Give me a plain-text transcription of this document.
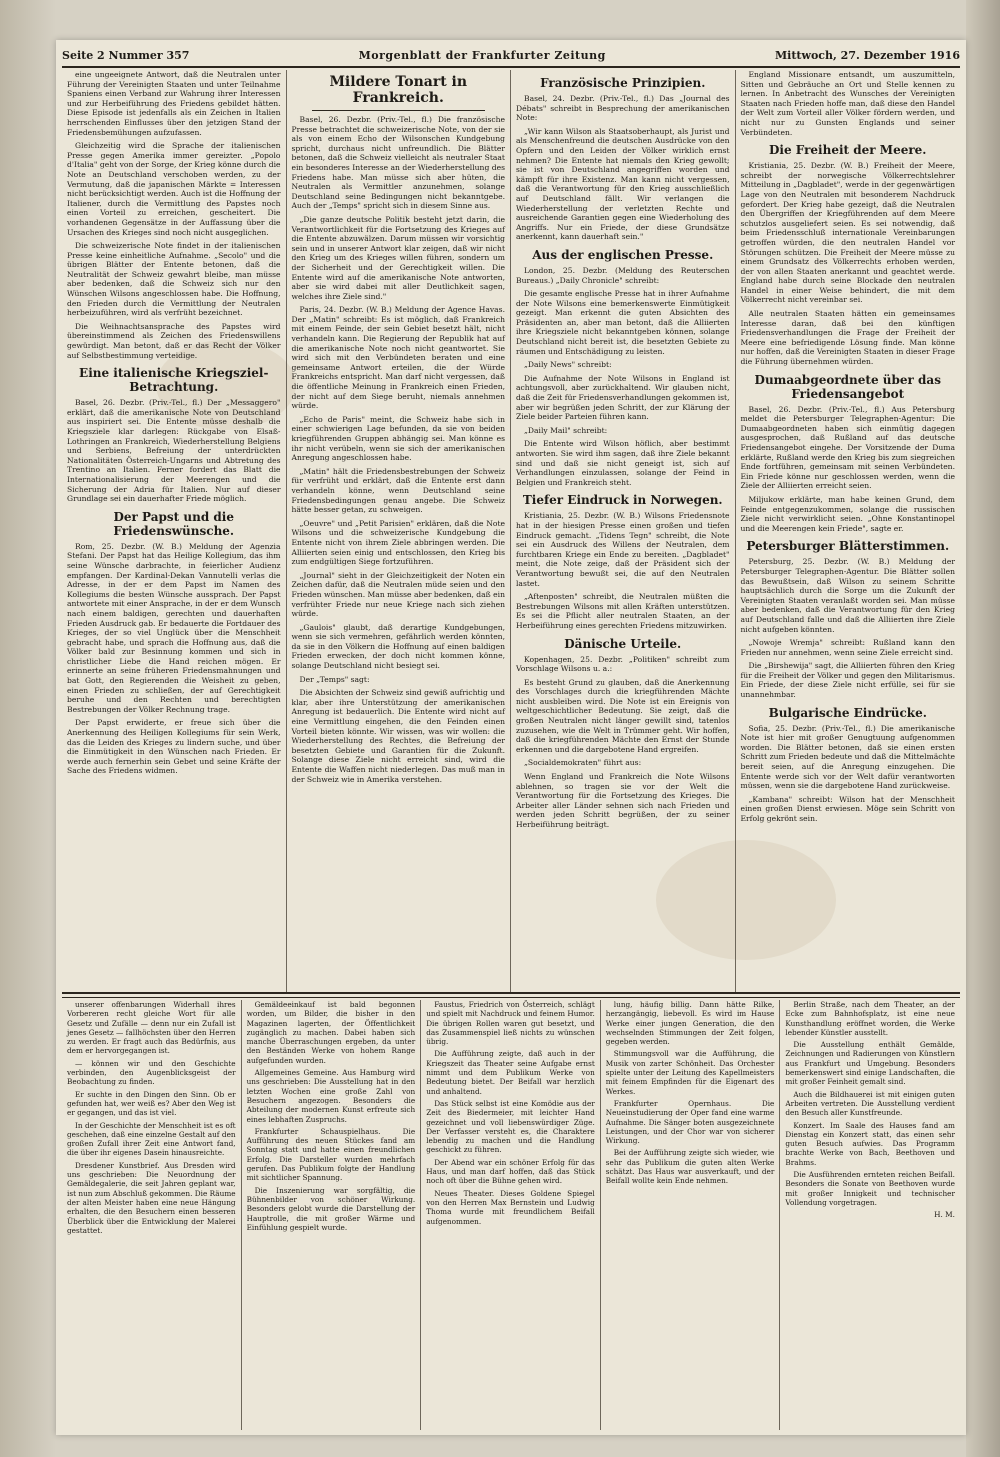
Seite 2 Nummer 357	Morgenblatt der Frankfurter Zeitung	Mittwoch, 27. Dezember 1916

eine ungeeignete Antwort, daß die Neutralen unter Führung der Vereinigten Staaten und unter Teilnahme Spaniens einen Verband zur Wahrung ihrer Interessen und zur Herbeiführung des Friedens gebildet hätten. Diese Episode ist jedenfalls als ein Zeichen in Italien herrschenden Einflusses über den jetzigen Stand der Friedensbemühungen aufzufassen.

Gleichzeitig wird die Sprache der italienischen Presse gegen Amerika immer gereizter. „Popolo d'Italia" geht von der Sorge, der Krieg könne durch die Note an Deutschland verschoben werden, zu der Vermutung, daß die japanischen Märkte = Interessen nicht berücksichtigt werden. Auch ist die Hoffnung der Italiener, durch die Vermittlung des Papstes noch einen Vorteil zu erreichen, gescheitert. Die vorhandenen Gegensätze in der Auffassung über die Ursachen des Krieges sind noch nicht ausgeglichen.

Die schweizerische Note findet in der italienischen Presse keine einheitliche Aufnahme. „Secolo" und die übrigen Blätter der Entente betonen, daß die Neutralität der Schweiz gewahrt bleibe, man müsse aber bedenken, daß die Schweiz sich nur den Wünschen Wilsons angeschlossen habe. Die Hoffnung, den Frieden durch die Vermittlung der Neutralen herbeizuführen, wird als verfrüht bezeichnet.

Die Weihnachtsansprache des Papstes wird übereinstimmend als Zeichen des Friedenswillens gewürdigt. Man betont, daß er das Recht der Völker auf Selbstbestimmung verteidige.

Eine italienische Kriegsziel-Betrachtung.

Basel, 26. Dezbr. (Priv.-Tel., fl.) Der „Messaggero" erklärt, daß die amerikanische Note von Deutschland aus inspiriert sei. Die Entente müsse deshalb die Kriegsziele klar darlegen: Rückgabe von Elsaß-Lothringen an Frankreich, Wiederherstellung Belgiens und Serbiens, Befreiung der unterdrückten Nationalitäten Österreich-Ungarns und Abtretung des Trentino an Italien. Ferner fordert das Blatt die Internationalisierung der Meerengen und die Sicherung der Adria für Italien. Nur auf dieser Grundlage sei ein dauerhafter Friede möglich.

Der Papst und die Friedenswünsche.

Rom, 25. Dezbr. (W. B.) Meldung der Agenzia Stefani. Der Papst hat das Heilige Kollegium, das ihm seine Wünsche darbrachte, in feierlicher Audienz empfangen. Der Kardinal-Dekan Vannutelli verlas die Adresse, in der er dem Papst im Namen des Kollegiums die besten Wünsche aussprach. Der Papst antwortete mit einer Ansprache, in der er dem Wunsch nach einem baldigen, gerechten und dauerhaften Frieden Ausdruck gab. Er bedauerte die Fortdauer des Krieges, der so viel Unglück über die Menschheit gebracht habe, und sprach die Hoffnung aus, daß die Völker bald zur Besinnung kommen und sich in christlicher Liebe die Hand reichen mögen. Er erinnerte an seine früheren Friedensmahnungen und bat Gott, den Regierenden die Weisheit zu geben, einen Frieden zu schließen, der auf Gerechtigkeit beruhe und den Rechten und berechtigten Bestrebungen der Völker Rechnung trage.

Der Papst erwiderte, er freue sich über die Anerkennung des Heiligen Kollegiums für sein Werk, das die Leiden des Krieges zu lindern suche, und über die Einmütigkeit in den Wünschen nach Frieden. Er werde auch fernerhin sein Gebet und seine Kräfte der Sache des Friedens widmen.

Mildere Tonart in Frankreich.

Basel, 26. Dezbr. (Priv.-Tel., fl.) Die französische Presse betrachtet die schweizerische Note, von der sie als von einem Echo der Wilsonschen Kundgebung spricht, durchaus nicht unfreundlich. Die Blätter betonen, daß die Schweiz vielleicht als neutraler Staat ein besonderes Interesse an der Wiederherstellung des Friedens habe. Man müsse sich aber hüten, die Neutralen als Vermittler anzunehmen, solange Deutschland seine Bedingungen nicht bekanntgebe. Auch der „Temps" spricht sich in diesem Sinne aus.

„Die ganze deutsche Politik besteht jetzt darin, die Verantwortlichkeit für die Fortsetzung des Krieges auf die Entente abzuwälzen. Darum müssen wir vorsichtig sein und in unserer Antwort klar zeigen, daß wir nicht den Krieg um des Krieges willen führen, sondern um der Sicherheit und der Gerechtigkeit willen. Die Entente wird auf die amerikanische Note antworten, aber sie wird dabei mit aller Deutlichkeit sagen, welches ihre Ziele sind."

Paris, 24. Dezbr. (W. B.) Meldung der Agence Havas. Der „Matin" schreibt: Es ist möglich, daß Frankreich mit einem Feinde, der sein Gebiet besetzt hält, nicht verhandeln kann. Die Regierung der Republik hat auf die amerikanische Note noch nicht geantwortet. Sie wird sich mit den Verbündeten beraten und eine gemeinsame Antwort erteilen, die der Würde Frankreichs entspricht. Man darf nicht vergessen, daß die öffentliche Meinung in Frankreich einen Frieden, der nicht auf dem Siege beruht, niemals annehmen würde.

„Echo de Paris" meint, die Schweiz habe sich in einer schwierigen Lage befunden, da sie von beiden kriegführenden Gruppen abhängig sei. Man könne es ihr nicht verübeln, wenn sie sich der amerikanischen Anregung angeschlossen habe.

„Matin" hält die Friedensbestrebungen der Schweiz für verfrüht und erklärt, daß die Entente erst dann verhandeln könne, wenn Deutschland seine Friedensbedingungen genau angebe. Die Schweiz hätte besser getan, zu schweigen.

„Oeuvre" und „Petit Parisien" erklären, daß die Note Wilsons und die schweizerische Kundgebung die Entente nicht von ihrem Ziele abbringen werden. Die Alliierten seien einig und entschlossen, den Krieg bis zum endgültigen Siege fortzuführen.

„Journal" sieht in der Gleichzeitigkeit der Noten ein Zeichen dafür, daß die Neutralen müde seien und den Frieden wünschen. Man müsse aber bedenken, daß ein verfrühter Friede nur neue Kriege nach sich ziehen würde.

„Gaulois" glaubt, daß derartige Kundgebungen, wenn sie sich vermehren, gefährlich werden könnten, da sie in den Völkern die Hoffnung auf einen baldigen Frieden erwecken, der doch nicht kommen könne, solange Deutschland nicht besiegt sei.

Der „Temps" sagt:

Die Absichten der Schweiz sind gewiß aufrichtig und klar, aber ihre Unterstützung der amerikanischen Anregung ist bedauerlich. Die Entente wird nicht auf eine Vermittlung eingehen, die den Feinden einen Vorteil bieten könnte. Wir wissen, was wir wollen: die Wiederherstellung des Rechtes, die Befreiung der besetzten Gebiete und Garantien für die Zukunft. Solange diese Ziele nicht erreicht sind, wird die Entente die Waffen nicht niederlegen. Das muß man in der Schweiz wie in Amerika verstehen.

Französische Prinzipien.

Basel, 24. Dezbr. (Priv.-Tel., fl.) Das „Journal des Débats" schreibt in Besprechung der amerikanischen Note:

„Wir kann Wilson als Staatsoberhaupt, als Jurist und als Menschenfreund die deutschen Ausdrücke von den Opfern und den Leiden der Völker wirklich ernst nehmen? Die Entente hat niemals den Krieg gewollt; sie ist von Deutschland angegriffen worden und kämpft für ihre Existenz. Man kann nicht vergessen, daß die Verantwortung für den Krieg ausschließlich auf Deutschland fällt. Wir verlangen die Wiederherstellung der verletzten Rechte und ausreichende Garantien gegen eine Wiederholung des Angriffs. Nur ein Friede, der diese Grundsätze anerkennt, kann dauerhaft sein."

Aus der englischen Presse.

London, 25. Dezbr. (Meldung des Reuterschen Bureaus.) „Daily Chronicle" schreibt:

Die gesamte englische Presse hat in ihrer Aufnahme der Note Wilsons eine bemerkenswerte Einmütigkeit gezeigt. Man erkennt die guten Absichten des Präsidenten an, aber man betont, daß die Alliierten ihre Kriegsziele nicht bekanntgeben können, solange Deutschland nicht bereit ist, die besetzten Gebiete zu räumen und Entschädigung zu leisten.

„Daily News" schreibt:

Die Aufnahme der Note Wilsons in England ist achtungsvoll, aber zurückhaltend. Wir glauben nicht, daß die Zeit für Friedensverhandlungen gekommen ist, aber wir begrüßen jeden Schritt, der zur Klärung der Ziele beider Parteien führen kann.

„Daily Mail" schreibt:

Die Entente wird Wilson höflich, aber bestimmt antworten. Sie wird ihm sagen, daß ihre Ziele bekannt sind und daß sie nicht geneigt ist, sich auf Verhandlungen einzulassen, solange der Feind in Belgien und Frankreich steht.

Tiefer Eindruck in Norwegen.

Kristiania, 25. Dezbr. (W. B.) Wilsons Friedensnote hat in der hiesigen Presse einen großen und tiefen Eindruck gemacht. „Tidens Tegn" schreibt, die Note sei ein Ausdruck des Willens der Neutralen, dem furchtbaren Kriege ein Ende zu bereiten. „Dagbladet" meint, die Note zeige, daß der Präsident sich der Verantwortung bewußt sei, die auf den Neutralen lastet.

„Aftenposten" schreibt, die Neutralen müßten die Bestrebungen Wilsons mit allen Kräften unterstützen. Es sei die Pflicht aller neutralen Staaten, an der Herbeiführung eines gerechten Friedens mitzuwirken.

Dänische Urteile.

Kopenhagen, 25. Dezbr. „Politiken" schreibt zum Vorschlage Wilsons u. a.:

Es besteht Grund zu glauben, daß die Anerkennung des Vorschlages durch die kriegführenden Mächte nicht ausbleiben wird. Die Note ist ein Ereignis von weltgeschichtlicher Bedeutung. Sie zeigt, daß die großen Neutralen nicht länger gewillt sind, tatenlos zuzusehen, wie die Welt in Trümmer geht. Wir hoffen, daß die kriegführenden Mächte den Ernst der Stunde erkennen und die dargebotene Hand ergreifen.

„Socialdemokraten" führt aus:

Wenn England und Frankreich die Note Wilsons ablehnen, so tragen sie vor der Welt die Verantwortung für die Fortsetzung des Krieges. Die Arbeiter aller Länder sehnen sich nach Frieden und werden jeden Schritt begrüßen, der zu seiner Herbeiführung beiträgt.

England Missionare entsandt, um auszumitteln, Sitten und Gebräuche an Ort und Stelle kennen zu lernen. In Anbetracht des Wunsches der Vereinigten Staaten nach Frieden hoffe man, daß diese den Handel der Welt zum Vorteil aller Völker fördern werden, und nicht nur zu Gunsten Englands und seiner Verbündeten.

Die Freiheit der Meere.

Kristiania, 25. Dezbr. (W. B.) Freiheit der Meere, schreibt der norwegische Völkerrechtslehrer Mitteilung in „Dagbladet", werde in der gegenwärtigen Lage von den Neutralen mit besonderem Nachdruck gefordert. Der Krieg habe gezeigt, daß die Neutralen den Übergriffen der Kriegführenden auf dem Meere schutzlos ausgeliefert seien. Es sei notwendig, daß beim Friedensschluß internationale Vereinbarungen getroffen würden, die den neutralen Handel vor Störungen schützen. Die Freiheit der Meere müsse zu einem Grundsatz des Völkerrechts erhoben werden, der von allen Staaten anerkannt und geachtet werde. England habe durch seine Blockade den neutralen Handel in einer Weise behindert, die mit dem Völkerrecht nicht vereinbar sei.

Alle neutralen Staaten hätten ein gemeinsames Interesse daran, daß bei den künftigen Friedensverhandlungen die Frage der Freiheit der Meere eine befriedigende Lösung finde. Man könne nur hoffen, daß die Vereinigten Staaten in dieser Frage die Führung übernehmen würden.

Dumaabgeordnete über das Friedensangebot

Basel, 26. Dezbr. (Priv.-Tel., fl.) Aus Petersburg meldet die Petersburger Telegraphen-Agentur: Die Dumaabgeordneten haben sich einmütig dagegen ausgesprochen, daß Rußland auf das deutsche Friedensangebot eingehe. Der Vorsitzende der Duma erklärte, Rußland werde den Krieg bis zum siegreichen Ende fortführen, gemeinsam mit seinen Verbündeten. Ein Friede könne nur geschlossen werden, wenn die Ziele der Alliierten erreicht seien.

Miljukow erklärte, man habe keinen Grund, dem Feinde entgegenzukommen, solange die russischen Ziele nicht verwirklicht seien. „Ohne Konstantinopel und die Meerengen kein Friede", sagte er.

Petersburger Blätterstimmen.

Petersburg, 25. Dezbr. (W. B.) Meldung der Petersburger Telegraphen-Agentur. Die Blätter sollen das Bewußtsein, daß Wilson zu seinem Schritte hauptsächlich durch die Sorge um die Zukunft der Vereinigten Staaten veranlaßt worden sei. Man müsse aber bedenken, daß die Verantwortung für den Krieg auf Deutschland falle und daß die Alliierten ihre Ziele nicht aufgeben könnten.

„Nowoje Wremja" schreibt: Rußland kann den Frieden nur annehmen, wenn seine Ziele erreicht sind.

Die „Birshewija" sagt, die Alliierten führen den Krieg für die Freiheit der Völker und gegen den Militarismus. Ein Friede, der diese Ziele nicht erfülle, sei für sie unannehmbar.

Bulgarische Eindrücke.

Sofia, 25. Dezbr. (Priv.-Tel., fl.) Die amerikanische Note ist hier mit großer Genugtuung aufgenommen worden. Die Blätter betonen, daß sie einen ersten Schritt zum Frieden bedeute und daß die Mittelmächte bereit seien, auf die Anregung einzugehen. Die Entente werde sich vor der Welt dafür verantworten müssen, wenn sie die dargebotene Hand zurückweise.

„Kambana" schreibt: Wilson hat der Menschheit einen großen Dienst erwiesen. Möge sein Schritt von Erfolg gekrönt sein.

unserer offenbarungen Widerhall ihres Vorbereren recht gleiche Wort für alle Gesetz und Zufälle — denn nur ein Zufall ist jenes Gesetz — fallhöchsten über den Herren zu werden. Er fragt auch das Bedürfnis, aus dem er hervorgegangen ist.

— können wir und den Geschichte verbinden, den Augenblicksgeist der Beobachtung zu finden.

Er suchte in den Dingen den Sinn. Ob er gefunden hat, wer weiß es? Aber den Weg ist er gegangen, und das ist viel.

In der Geschichte der Menschheit ist es oft geschehen, daß eine einzelne Gestalt auf den großen Zufall ihrer Zeit eine Antwort fand, die über ihr eigenes Dasein hinausreichte.

Dresdener Kunstbrief. Aus Dresden wird uns geschrieben: Die Neuordnung der Gemäldegalerie, die seit Jahren geplant war, ist nun zum Abschluß gekommen. Die Räume der alten Meister haben eine neue Hängung erhalten, die den Besuchern einen besseren Überblick über die Entwicklung der Malerei gestattet.

Gemäldeeinkauf ist bald begonnen worden, um Bilder, die bisher in den Magazinen lagerten, der Öffentlichkeit zugänglich zu machen. Dabei haben sich manche Überraschungen ergeben, da unter den Beständen Werke von hohem Range aufgefunden wurden.

Allgemeines Gemeine. Aus Hamburg wird uns geschrieben: Die Ausstellung hat in den letzten Wochen eine große Zahl von Besuchern angezogen. Besonders die Abteilung der modernen Kunst erfreute sich eines lebhaften Zuspruchs.

Frankfurter Schauspielhaus. Die Aufführung des neuen Stückes fand am Sonntag statt und hatte einen freundlichen Erfolg. Die Darsteller wurden mehrfach gerufen. Das Publikum folgte der Handlung mit sichtlicher Spannung.

Die Inszenierung war sorgfältig, die Bühnenbilder von schöner Wirkung. Besonders gelobt wurde die Darstellung der Hauptrolle, die mit großer Wärme und Einfühlung gespielt wurde.

Faustus, Friedrich von Österreich, schlägt und spielt mit Nachdruck und feinem Humor. Die übrigen Rollen waren gut besetzt, und das Zusammenspiel ließ nichts zu wünschen übrig.

Die Aufführung zeigte, daß auch in der Kriegszeit das Theater seine Aufgabe ernst nimmt und dem Publikum Werke von Bedeutung bietet. Der Beifall war herzlich und anhaltend.

Das Stück selbst ist eine Komödie aus der Zeit des Biedermeier, mit leichter Hand gezeichnet und voll liebenswürdiger Züge. Der Verfasser versteht es, die Charaktere lebendig zu machen und die Handlung geschickt zu führen.

Der Abend war ein schöner Erfolg für das Haus, und man darf hoffen, daß das Stück noch oft über die Bühne gehen wird.

Neues Theater. Dieses Goldene Spiegel von den Herren Max Bernstein und Ludwig Thoma wurde mit freundlichem Beifall aufgenommen.

lung, häufig billig. Dann hätte Rilke, herzangängig, liebevoll. Es wird im Hause Werke einer jungen Generation, die den wechselnden Stimmungen der Zeit folgen, gegeben werden.

Stimmungsvoll war die Aufführung, die Musik von zarter Schönheit. Das Orchester spielte unter der Leitung des Kapellmeisters mit feinem Empfinden für die Eigenart des Werkes.

Frankfurter Opernhaus. Die Neueinstudierung der Oper fand eine warme Aufnahme. Die Sänger boten ausgezeichnete Leistungen, und der Chor war von sicherer Wirkung.

Bei der Aufführung zeigte sich wieder, wie sehr das Publikum die guten alten Werke schätzt. Das Haus war ausverkauft, und der Beifall wollte kein Ende nehmen.

Berlin Straße, nach dem Theater, an der Ecke zum Bahnhofsplatz, ist eine neue Kunsthandlung eröffnet worden, die Werke lebender Künstler ausstellt.

Die Ausstellung enthält Gemälde, Zeichnungen und Radierungen von Künstlern aus Frankfurt und Umgebung. Besonders bemerkenswert sind einige Landschaften, die mit großer Feinheit gemalt sind.

Auch die Bildhauerei ist mit einigen guten Arbeiten vertreten. Die Ausstellung verdient den Besuch aller Kunstfreunde.

Konzert. Im Saale des Hauses fand am Dienstag ein Konzert statt, das einen sehr guten Besuch aufwies. Das Programm brachte Werke von Bach, Beethoven und Brahms.

Die Ausführenden ernteten reichen Beifall. Besonders die Sonate von Beethoven wurde mit großer Innigkeit und technischer Vollendung vorgetragen.

H. M.
